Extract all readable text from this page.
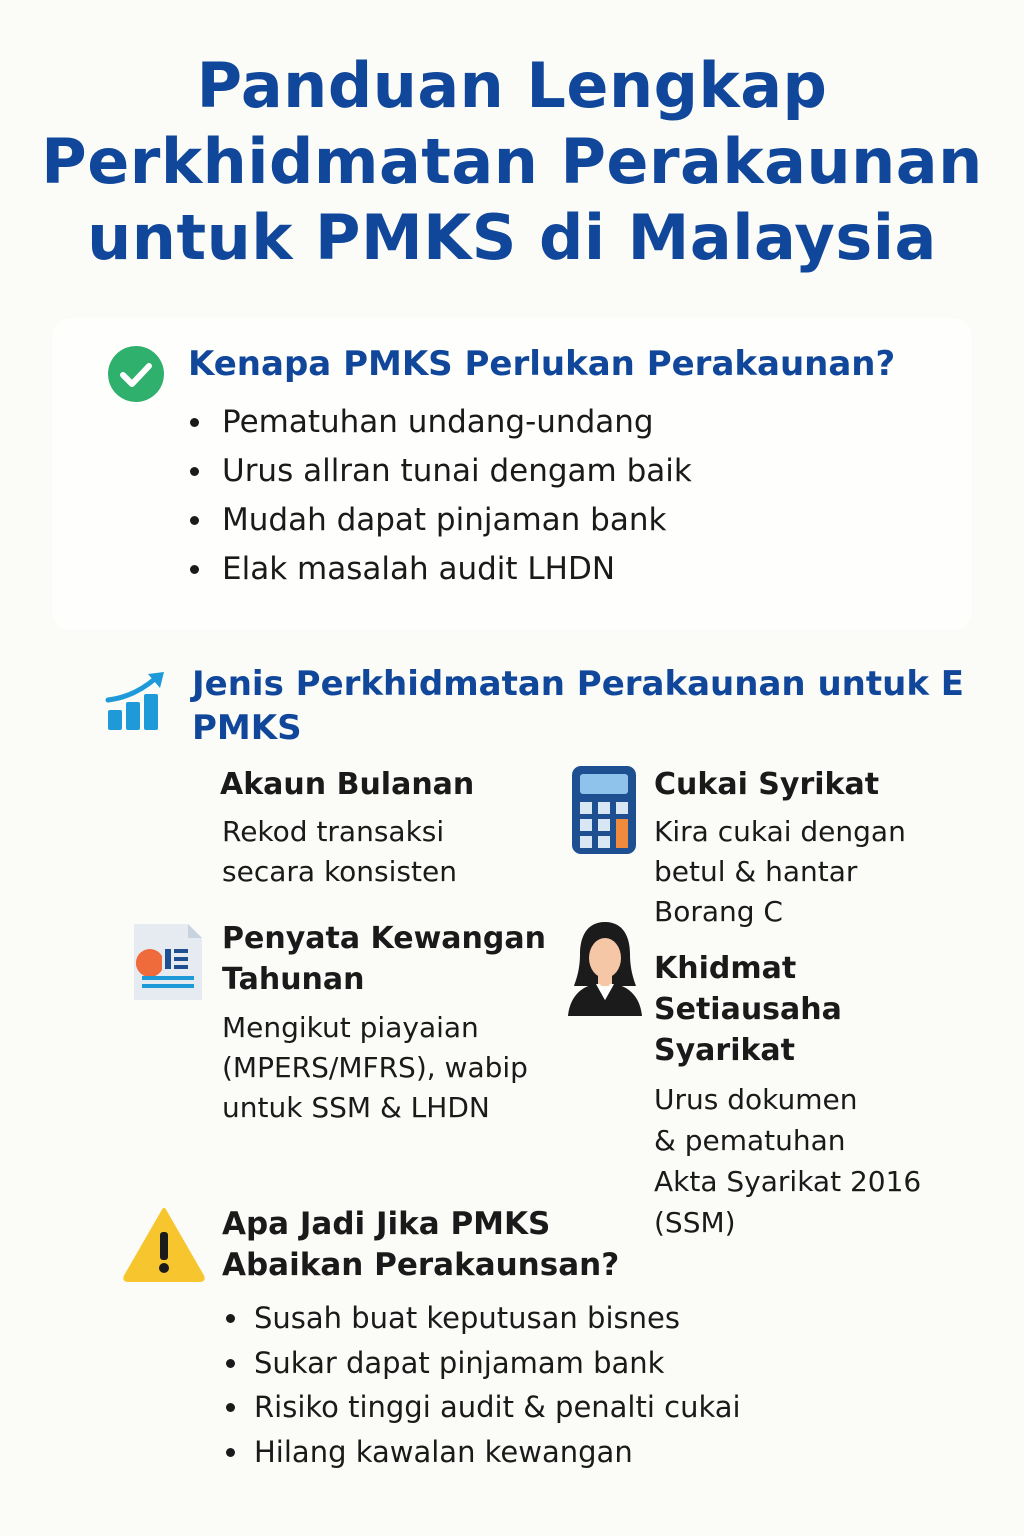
Panduan Lengkap
Perkhidmatan Perakaunan
untuk PMKS di Malaysia
Kenapa PMKS Perlukan Perakaunan?
Pematuhan undang-undang
Urus allran tunai dengam baik
Mudah dapat pinjaman bank
Elak masalah audit LHDN
Jenis Perkhidmatan Perakaunan untuk E
PMKS
Akaun Bulanan
Rekod transaksi
secara konsisten
Cukai Syrikat
Kira cukai dengan
betul & hantar
Borang C
Penyata Kewangan
Tahunan
Mengikut piayaian
(MPERS/MFRS), wabip
untuk SSM & LHDN
Khidmat
Setiausaha
Syarikat
Urus dokumen
& pematuhan
Akta Syarikat 2016
(SSM)
Apa Jadi Jika PMKS
Abaikan Perakaunsan?
Susah buat keputusan bisnes
Sukar dapat pinjamam bank
Risiko tinggi audit & penalti cukai
Hilang kawalan kewangan
